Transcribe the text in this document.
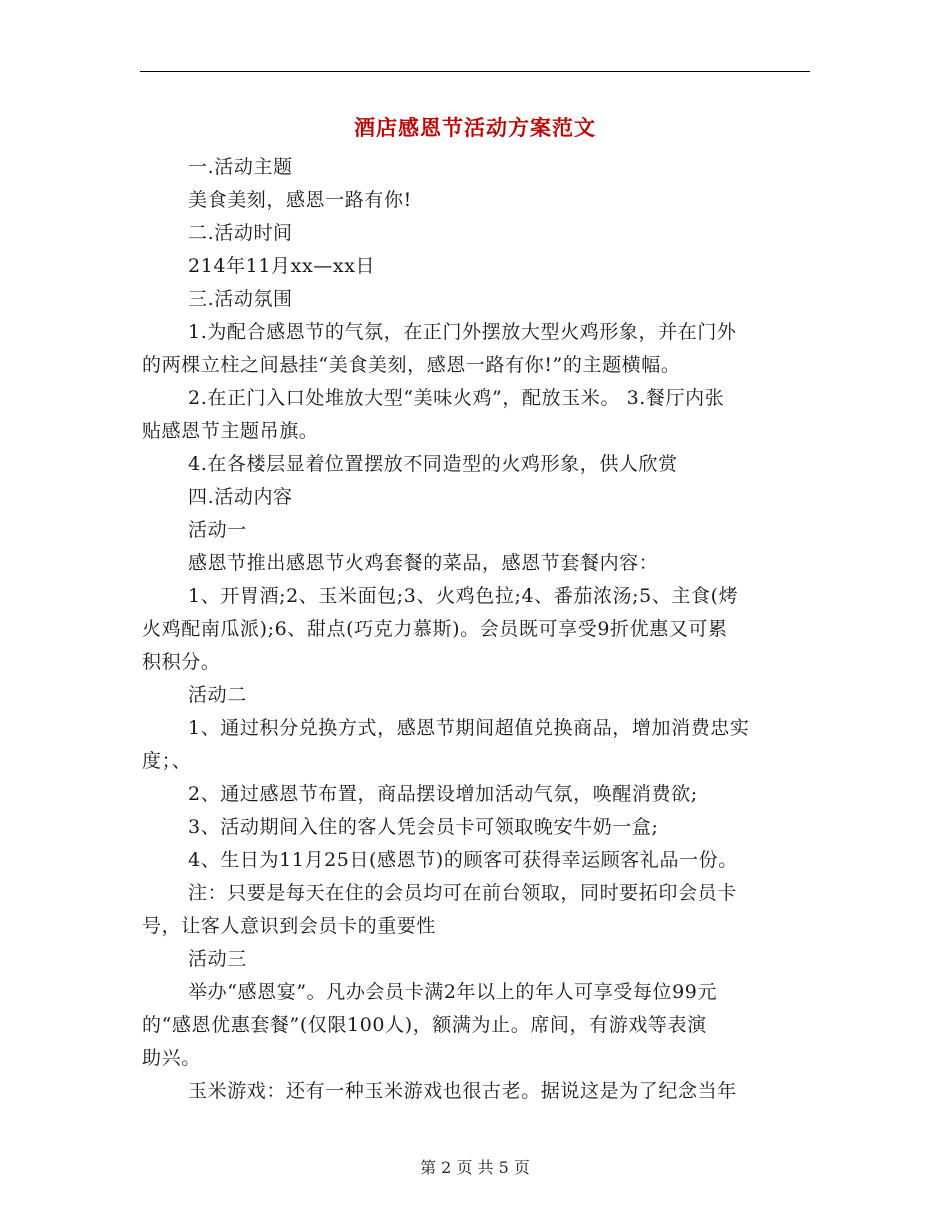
酒店感恩节活动方案范文
一.活动主题
美食美刻，感恩一路有你!
二.活动时间
214年11月xx—xx日
三.活动氛围
1.为配合感恩节的气氛，在正门外摆放大型火鸡形象，并在门外
的两棵立柱之间悬挂“美食美刻，感恩一路有你!”的主题横幅。
2.在正门入口处堆放大型“美味火鸡”，配放玉米。 3.餐厅内张
贴感恩节主题吊旗。
4.在各楼层显着位置摆放不同造型的火鸡形象，供人欣赏
四.活动内容
活动一
感恩节推出感恩节火鸡套餐的菜品，感恩节套餐内容：
1、开胃酒;2、玉米面包;3、火鸡色拉;4、番茄浓汤;5、主食(烤
火鸡配南瓜派);6、甜点(巧克力慕斯)。会员既可享受9折优惠又可累
积积分。
活动二
1、通过积分兑换方式，感恩节期间超值兑换商品，增加消费忠实
度；、
2、通过感恩节布置，商品摆设增加活动气氛，唤醒消费欲;
3、活动期间入住的客人凭会员卡可领取晚安牛奶一盒;
4、生日为11月25日(感恩节)的顾客可获得幸运顾客礼品一份。
注：只要是每天在住的会员均可在前台领取，同时要拓印会员卡
号，让客人意识到会员卡的重要性
活动三
举办“感恩宴”。凡办会员卡满2年以上的年人可享受每位99元
的“感恩优惠套餐”(仅限100人)，额满为止。席间，有游戏等表演
助兴。
玉米游戏：还有一种玉米游戏也很古老。据说这是为了纪念当年
第 2 页 共 5 页
